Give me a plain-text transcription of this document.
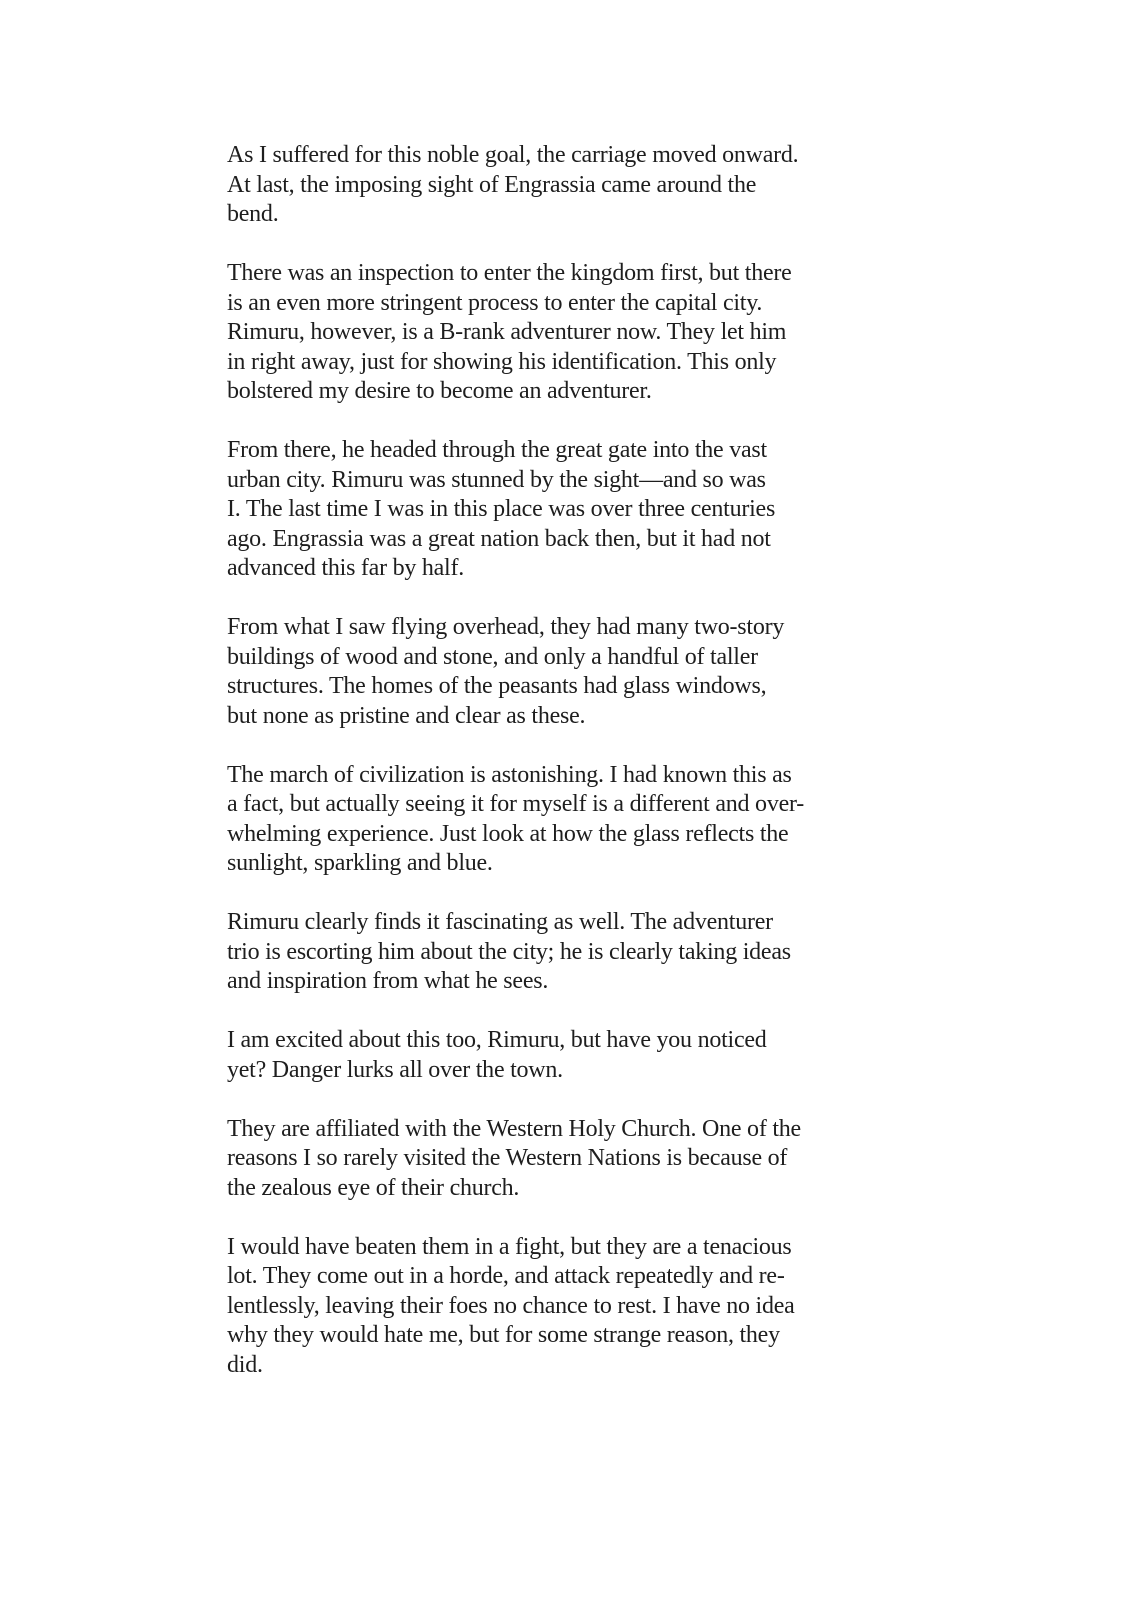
As I suffered for this noble goal, the carriage moved onward.
At last, the imposing sight of Engrassia came around the
bend.
There was an inspection to enter the kingdom first, but there
is an even more stringent process to enter the capital city.
Rimuru, however, is a B-rank adventurer now. They let him
in right away, just for showing his identification. This only
bolstered my desire to become an adventurer.
From there, he headed through the great gate into the vast
urban city. Rimuru was stunned by the sight—and so was
I. The last time I was in this place was over three centuries
ago. Engrassia was a great nation back then, but it had not
advanced this far by half.
From what I saw flying overhead, they had many two-story
buildings of wood and stone, and only a handful of taller
structures. The homes of the peasants had glass windows,
but none as pristine and clear as these.
The march of civilization is astonishing. I had known this as
a fact, but actually seeing it for myself is a different and over-
whelming experience. Just look at how the glass reflects the
sunlight, sparkling and blue.
Rimuru clearly finds it fascinating as well. The adventurer
trio is escorting him about the city; he is clearly taking ideas
and inspiration from what he sees.
I am excited about this too, Rimuru, but have you noticed
yet? Danger lurks all over the town.
They are affiliated with the Western Holy Church. One of the
reasons I so rarely visited the Western Nations is because of
the zealous eye of their church.
I would have beaten them in a fight, but they are a tenacious
lot. They come out in a horde, and attack repeatedly and re-
lentlessly, leaving their foes no chance to rest. I have no idea
why they would hate me, but for some strange reason, they
did.
